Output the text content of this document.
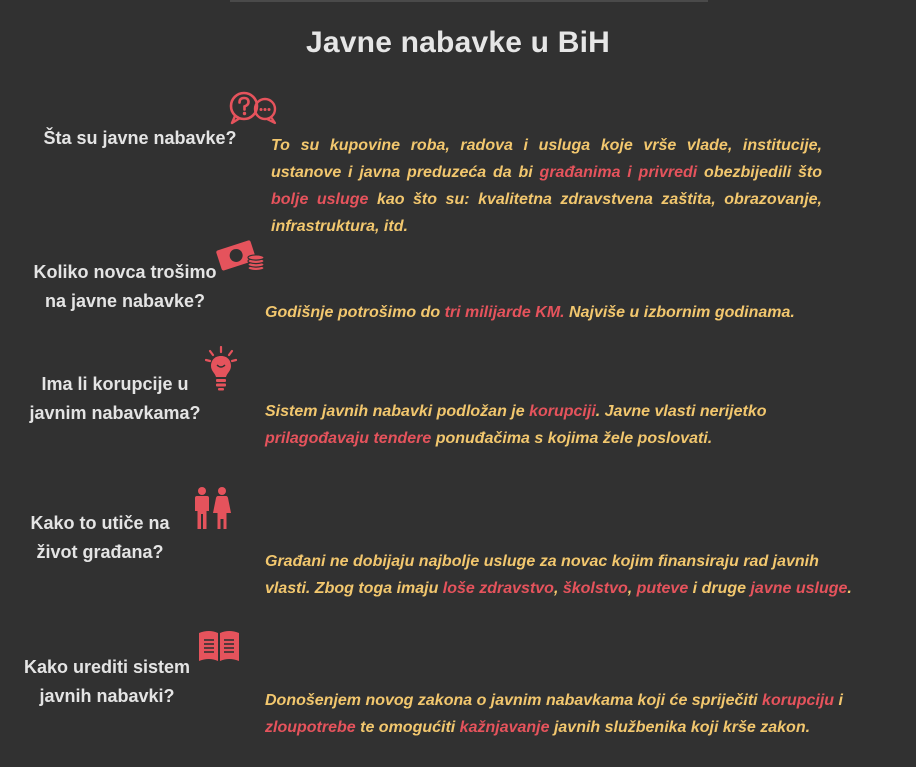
Javne nabavke u BiH
Šta su javne nabavke?
Koliko novca trošimo
na javne nabavke?
Ima li korupcije u
javnim nabavkama?
Kako to utiče na
život građana?
Kako urediti sistem
javnih nabavki?
To su kupovine roba, radova i usluga koje vrše vlade, institucije, ustanove i javna preduzeća da bi građanima i privredi obezbijedili što bolje usluge kao što su: kvalitetna zdravstvena zaštita, obrazovanje, infrastruktura, itd.
Godišnje potrošimo do tri milijarde KM. Najviše u izbornim godinama.
Sistem javnih nabavki podložan je korupciji. Javne vlasti nerijetko prilagođavaju tendere ponuđačima s kojima žele poslovati.
Građani ne dobijaju najbolje usluge za novac kojim finansiraju rad javnih vlasti. Zbog toga imaju loše zdravstvo, školstvo, puteve i druge javne usluge.
Donošenjem novog zakona o javnim nabavkama koji će spriječiti korupciju i zloupotrebe te omogućiti kažnjavanje javnih službenika koji krše zakon.
